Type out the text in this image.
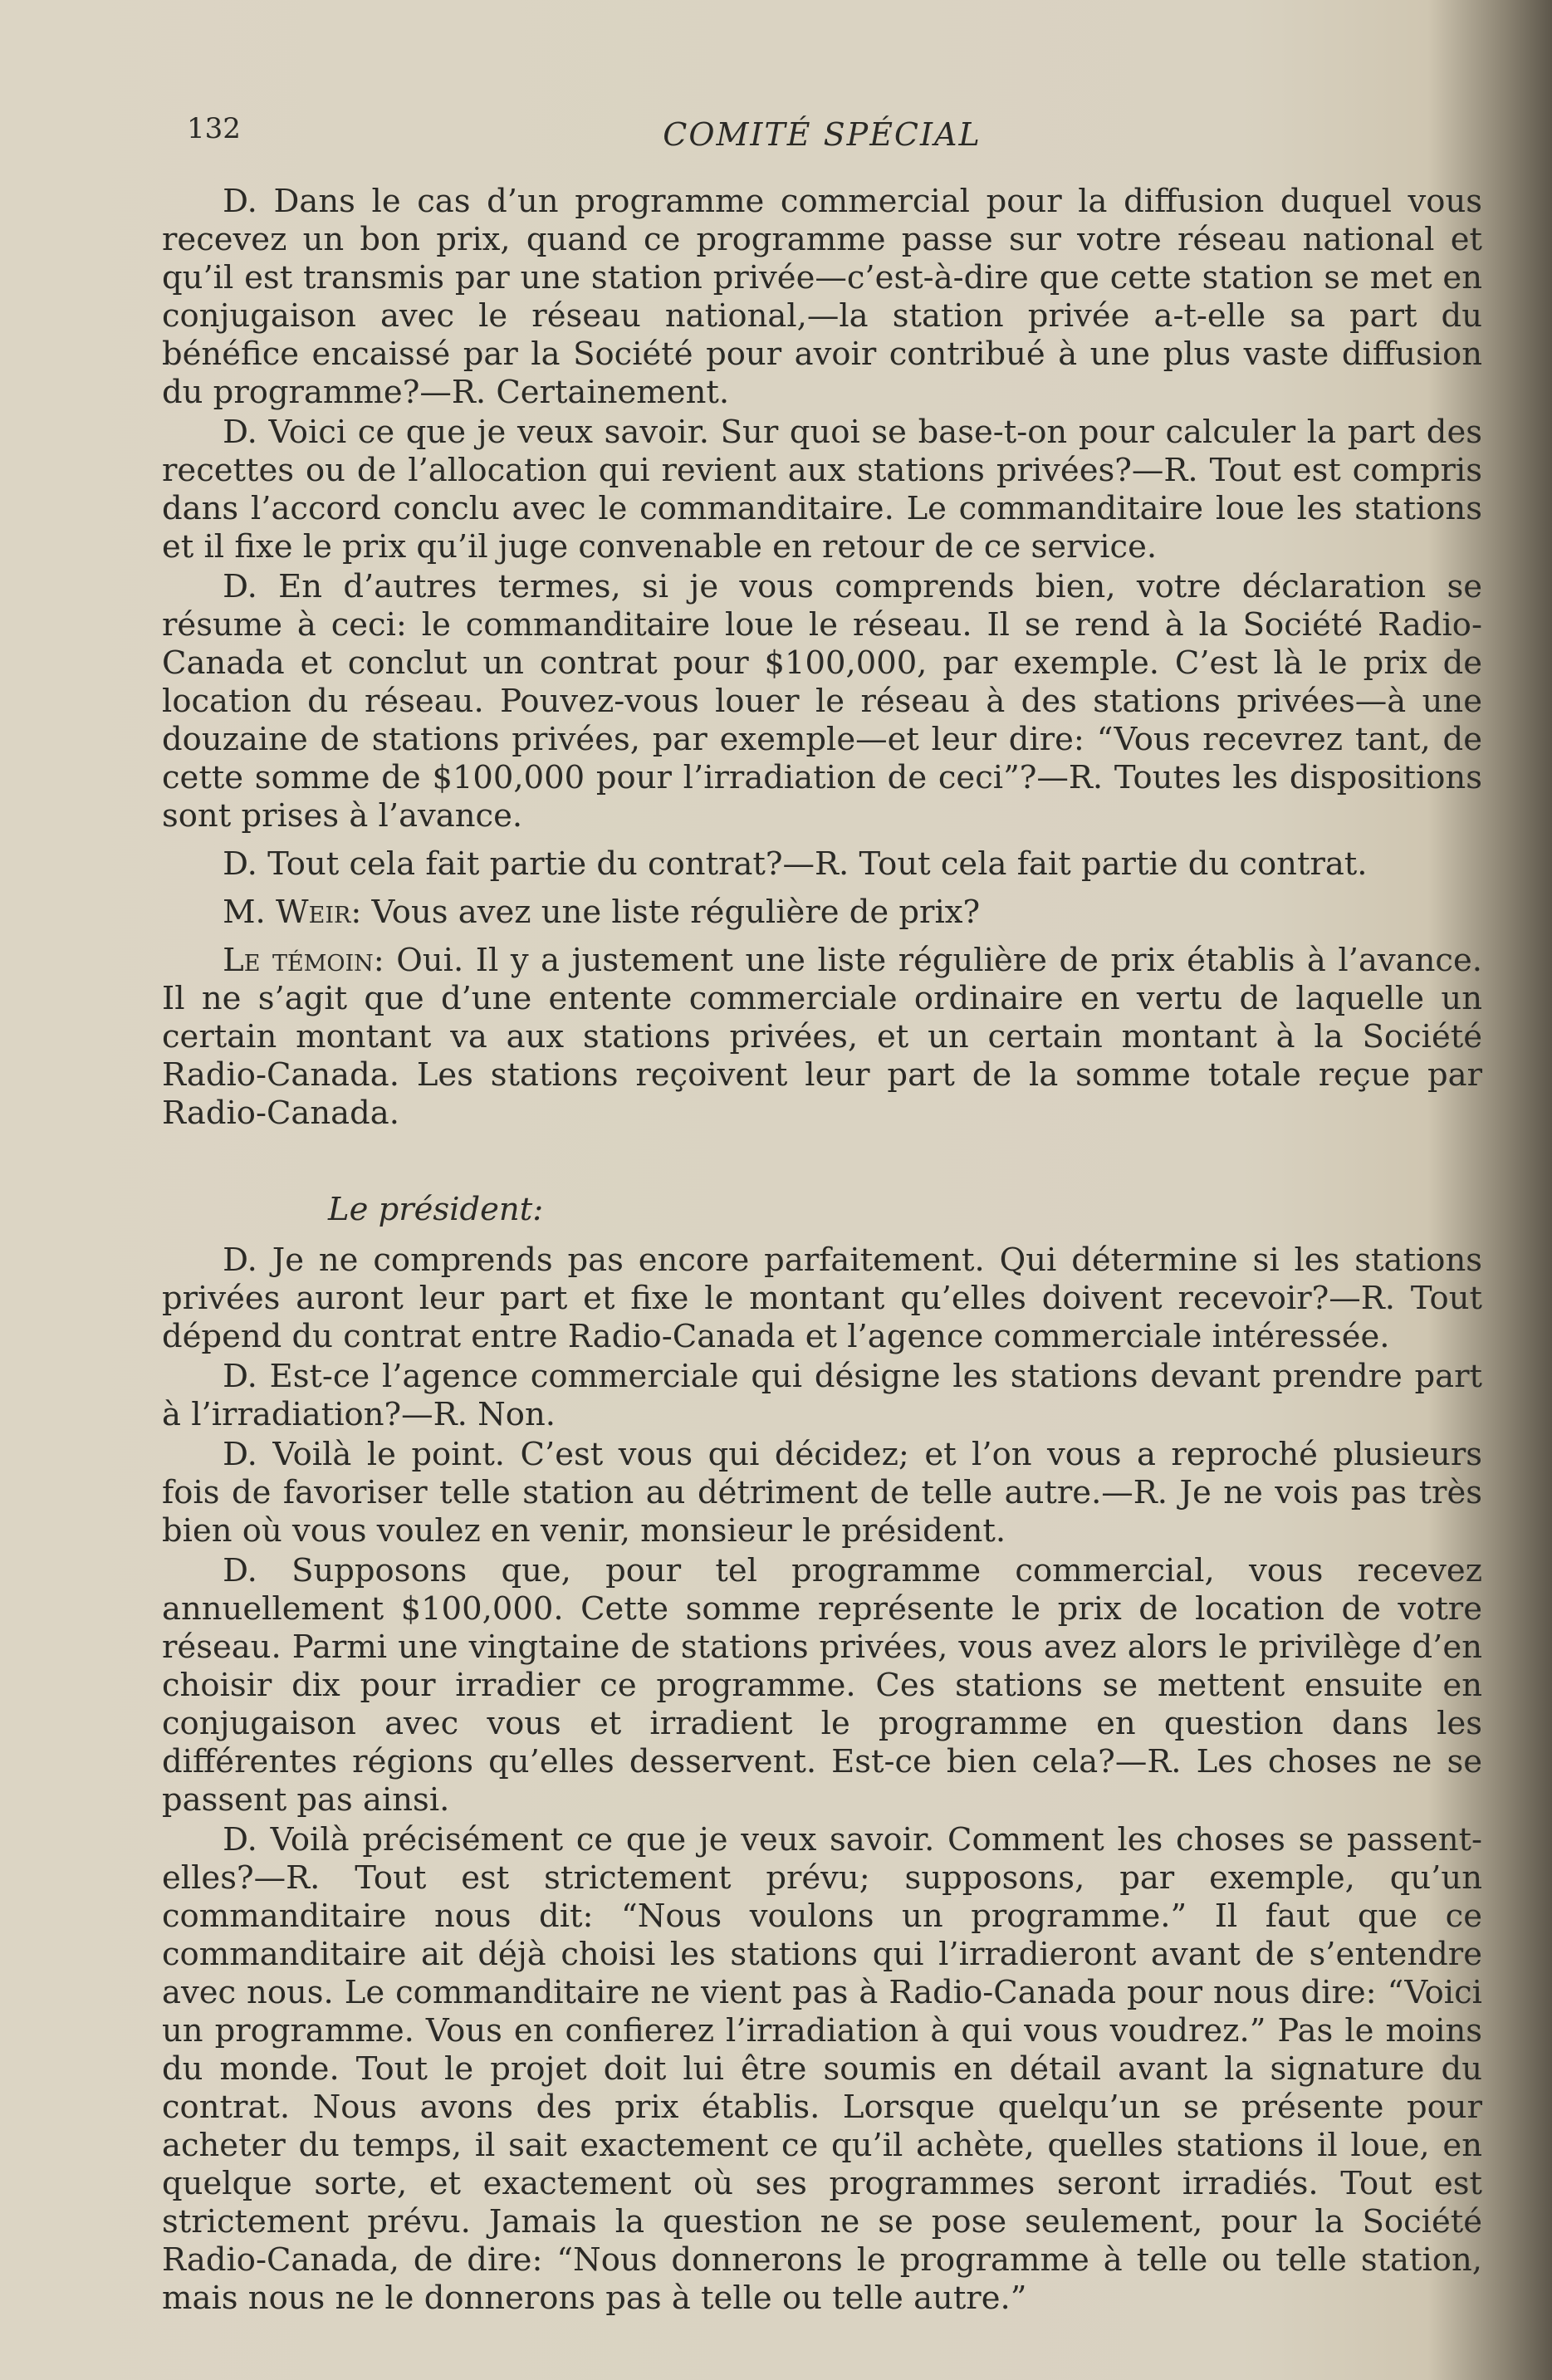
132	COMITÉ SPÉCIAL

D. Dans le cas d’un programme commercial pour la diffusion duquel vous recevez un bon prix, quand ce programme passe sur votre réseau national et qu’il est transmis par une station privée—c’est-à-dire que cette station se met en conjugaison avec le réseau national,—la station privée a-t-elle sa part du bénéfice encaissé par la Société pour avoir contribué à une plus vaste diffusion du programme?—R. Certainement.

D. Voici ce que je veux savoir. Sur quoi se base-t-on pour calculer la part des recettes ou de l’allocation qui revient aux stations privées?—R. Tout est compris dans l’accord conclu avec le commanditaire. Le commanditaire loue les stations et il fixe le prix qu’il juge convenable en retour de ce service.

D. En d’autres termes, si je vous comprends bien, votre déclaration se résume à ceci: le commanditaire loue le réseau. Il se rend à la Société Radio-Canada et conclut un contrat pour $100,000, par exemple. C’est là le prix de location du réseau. Pouvez-vous louer le réseau à des stations privées—à une douzaine de stations privées, par exemple—et leur dire: “Vous recevrez tant, de cette somme de $100,000 pour l’irradiation de ceci”?—R. Toutes les dispositions sont prises à l’avance.

D. Tout cela fait partie du contrat?—R. Tout cela fait partie du contrat.

M. Weir: Vous avez une liste régulière de prix?

Le témoin: Oui. Il y a justement une liste régulière de prix établis à l’avance. Il ne s’agit que d’une entente commerciale ordinaire en vertu de laquelle un certain montant va aux stations privées, et un certain montant à la Société Radio-Canada. Les stations reçoivent leur part de la somme totale reçue par Radio-Canada.

Le président:

D. Je ne comprends pas encore parfaitement. Qui détermine si les stations privées auront leur part et fixe le montant qu’elles doivent recevoir?—R. Tout dépend du contrat entre Radio-Canada et l’agence commerciale intéressée.

D. Est-ce l’agence commerciale qui désigne les stations devant prendre part à l’irradiation?—R. Non.

D. Voilà le point. C’est vous qui décidez; et l’on vous a reproché plusieurs fois de favoriser telle station au détriment de telle autre.—R. Je ne vois pas très bien où vous voulez en venir, monsieur le président.

D. Supposons que, pour tel programme commercial, vous recevez annuellement $100,000. Cette somme représente le prix de location de votre réseau. Parmi une vingtaine de stations privées, vous avez alors le privilège d’en choisir dix pour irradier ce programme. Ces stations se mettent ensuite en conjugaison avec vous et irradient le programme en question dans les différentes régions qu’elles desservent. Est-ce bien cela?—R. Les choses ne se passent pas ainsi.

D. Voilà précisément ce que je veux savoir. Comment les choses se passent-elles?—R. Tout est strictement prévu; supposons, par exemple, qu’un commanditaire nous dit: “Nous voulons un programme.” Il faut que ce commanditaire ait déjà choisi les stations qui l’irradieront avant de s’entendre avec nous. Le commanditaire ne vient pas à Radio-Canada pour nous dire: “Voici un programme. Vous en confierez l’irradiation à qui vous voudrez.” Pas le moins du monde. Tout le projet doit lui être soumis en détail avant la signature du contrat. Nous avons des prix établis. Lorsque quelqu’un se présente pour acheter du temps, il sait exactement ce qu’il achète, quelles stations il loue, en quelque sorte, et exactement où ses programmes seront irradiés. Tout est strictement prévu. Jamais la question ne se pose seulement, pour la Société Radio-Canada, de dire: “Nous donnerons le programme à telle ou telle station, mais nous ne le donnerons pas à telle ou telle autre.”
